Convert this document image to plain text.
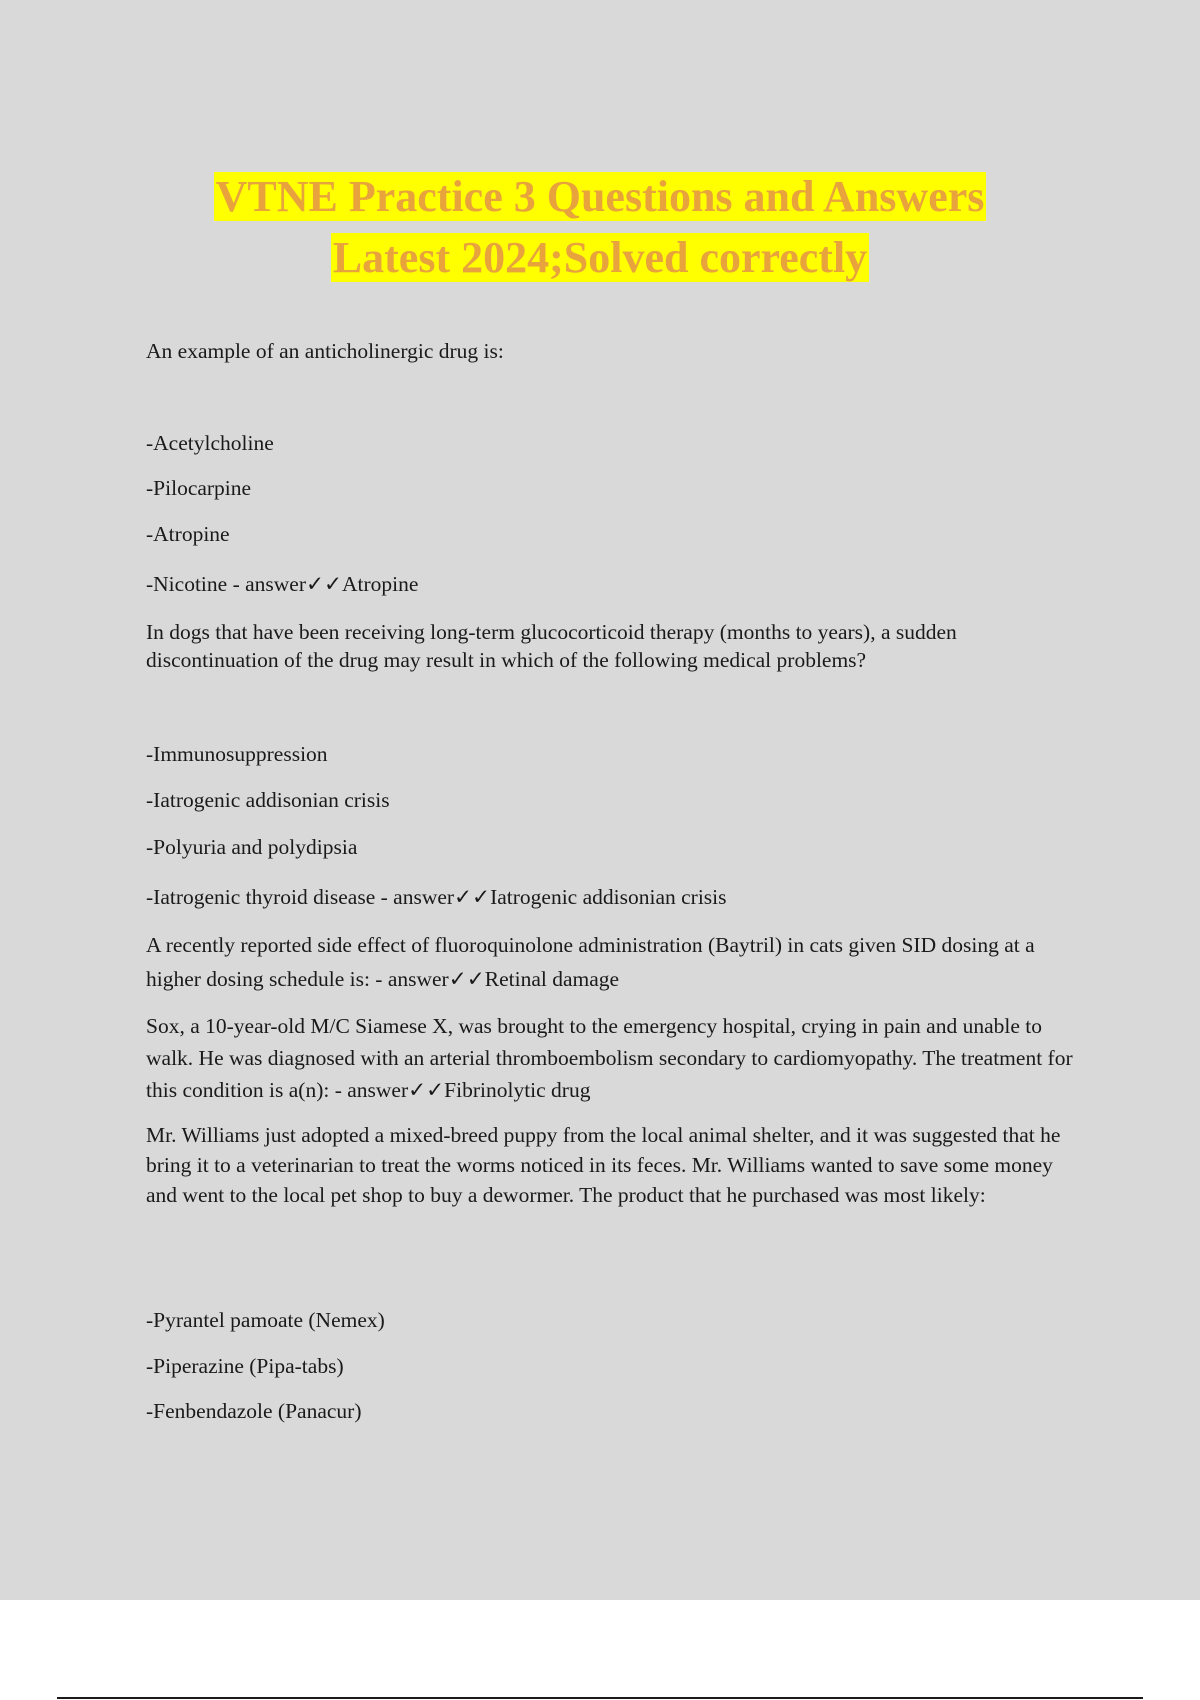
VTNE Practice 3 Questions and Answers
Latest 2024;Solved correctly
An example of an anticholinergic drug is:
-Acetylcholine
-Pilocarpine
-Atropine
-Nicotine - answer✓✓Atropine
In dogs that have been receiving long-term glucocorticoid therapy (months to years), a sudden discontinuation of the drug may result in which of the following medical problems?
-Immunosuppression
-Iatrogenic addisonian crisis
-Polyuria and polydipsia
-Iatrogenic thyroid disease - answer✓✓Iatrogenic addisonian crisis
A recently reported side effect of fluoroquinolone administration (Baytril) in cats given SID dosing at a higher dosing schedule is: - answer✓✓Retinal damage
Sox, a 10-year-old M/C Siamese X, was brought to the emergency hospital, crying in pain and unable to walk. He was diagnosed with an arterial thromboembolism secondary to cardiomyopathy. The treatment for this condition is a(n): - answer✓✓Fibrinolytic drug
Mr. Williams just adopted a mixed-breed puppy from the local animal shelter, and it was suggested that he bring it to a veterinarian to treat the worms noticed in its feces. Mr. Williams wanted to save some money and went to the local pet shop to buy a dewormer. The product that he purchased was most likely:
-Pyrantel pamoate (Nemex)
-Piperazine (Pipa-tabs)
-Fenbendazole (Panacur)
